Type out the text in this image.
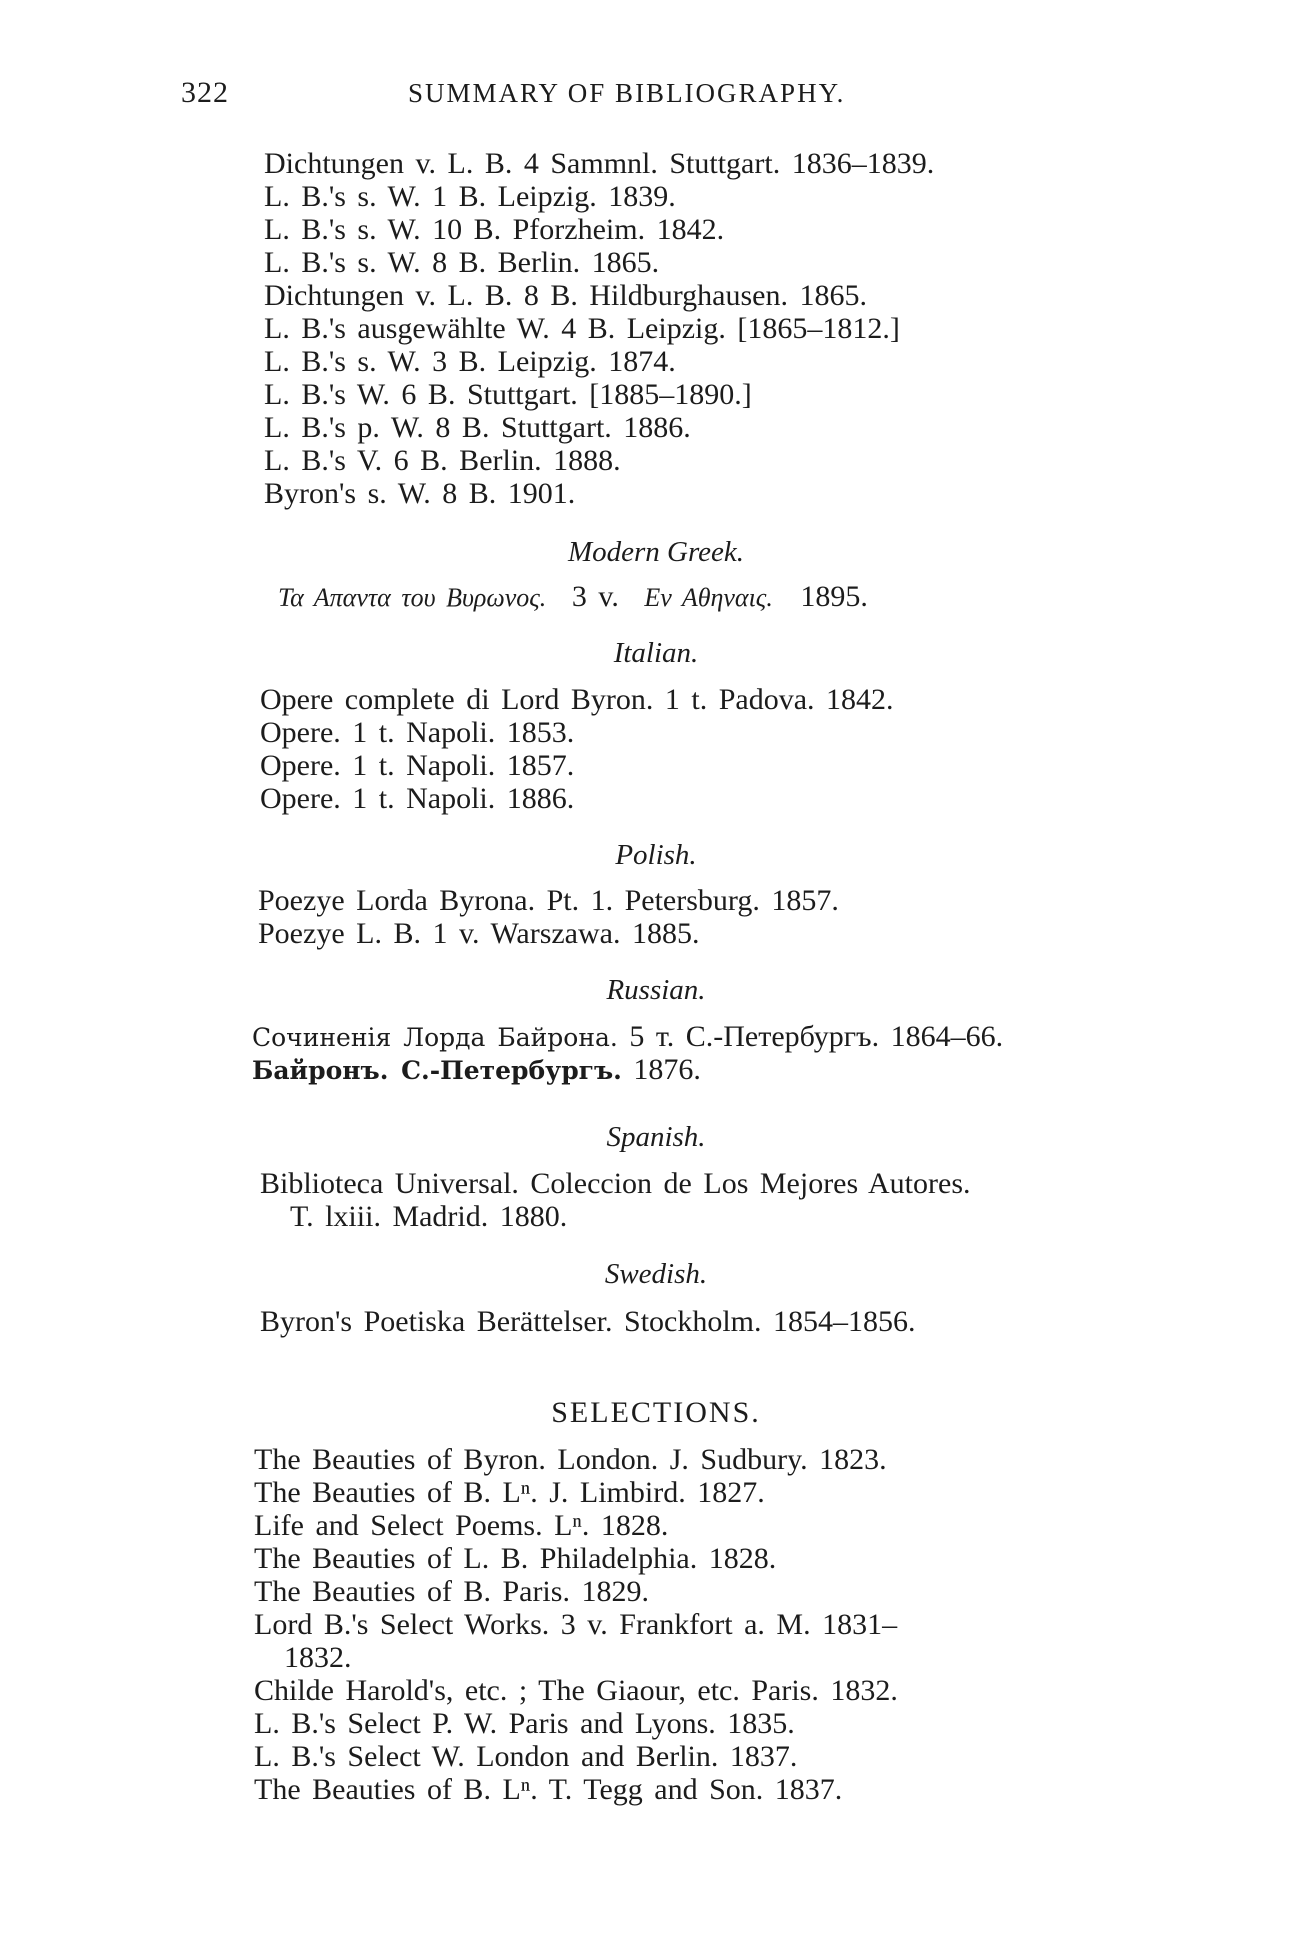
322	SUMMARY OF BIBLIOGRAPHY.
Dichtungen v. L. B. 4 Sammnl. Stuttgart. 1836–1839.
L. B.'s s. W. 1 B. Leipzig. 1839.
L. B.'s s. W. 10 B. Pforzheim. 1842.
L. B.'s s. W. 8 B. Berlin. 1865.
Dichtungen v. L. B. 8 B. Hildburghausen. 1865.
L. B.'s ausgewählte W. 4 B. Leipzig. [1865–1812.]
L. B.'s s. W. 3 B. Leipzig. 1874.
L. B.'s W. 6 B. Stuttgart. [1885–1890.]
L. B.'s p. W. 8 B. Stuttgart. 1886.
L. B.'s V. 6 B. Berlin. 1888.
Byron's s. W. 8 B. 1901.
Modern Greek.
Τα Απαντα του Βυρωνος. 3 v. Εν Αθηναις. 1895.
Italian.
Opere complete di Lord Byron. 1 t. Padova. 1842.
Opere. 1 t. Napoli. 1853.
Opere. 1 t. Napoli. 1857.
Opere. 1 t. Napoli. 1886.
Polish.
Poezye Lorda Byrona. Pt. 1. Petersburg. 1857.
Poezye L. B. 1 v. Warszawa. 1885.
Russian.
Сочиненія Лорда Байрона. 5 т. С.-Петербургъ. 1864–66.
Байронъ. С.-Петербургъ. 1876.
Spanish.
Biblioteca Universal. Coleccion de Los Mejores Autores.
T. lxiii. Madrid. 1880.
Swedish.
Byron's Poetiska Berättelser. Stockholm. 1854–1856.
SELECTIONS.
The Beauties of Byron. London. J. Sudbury. 1823.
The Beauties of B. Lⁿ. J. Limbird. 1827.
Life and Select Poems. Lⁿ. 1828.
The Beauties of L. B. Philadelphia. 1828.
The Beauties of B. Paris. 1829.
Lord B.'s Select Works. 3 v. Frankfort a. M. 1831–
1832.
Childe Harold's, etc. ; The Giaour, etc. Paris. 1832.
L. B.'s Select P. W. Paris and Lyons. 1835.
L. B.'s Select W. London and Berlin. 1837.
The Beauties of B. Lⁿ. T. Tegg and Son. 1837.
